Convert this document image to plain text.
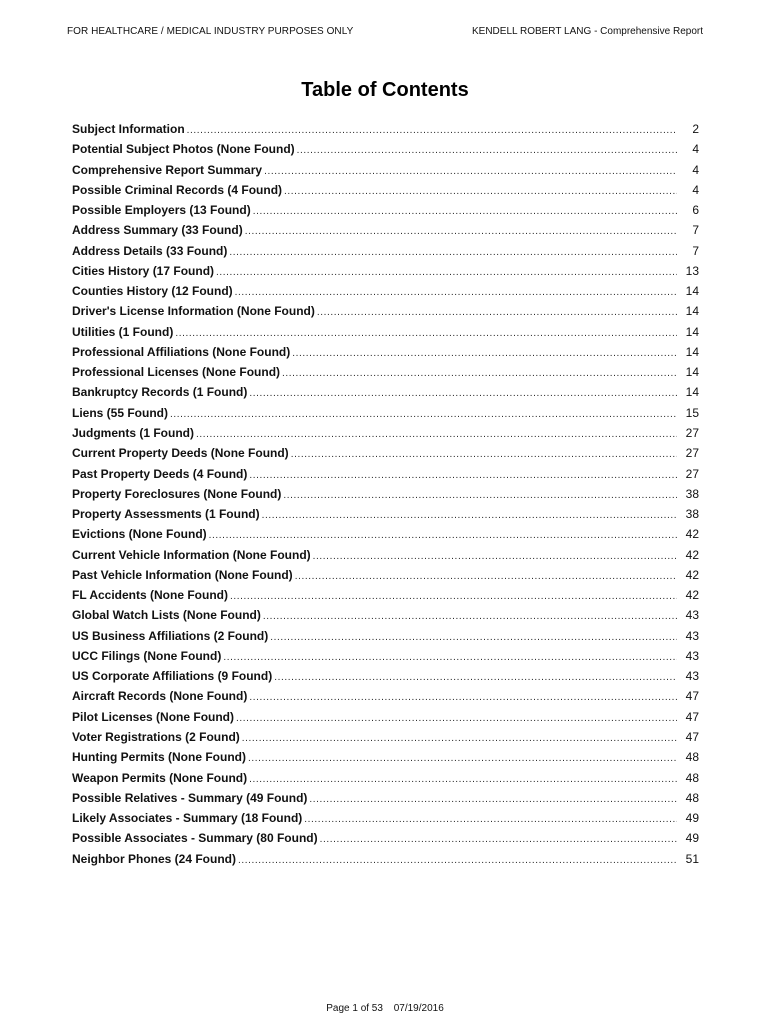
FOR HEALTHCARE / MEDICAL INDUSTRY PURPOSES ONLY	KENDELL ROBERT LANG - Comprehensive Report
Table of Contents
Subject Information .....	2
Potential Subject Photos (None Found) .....	4
Comprehensive Report Summary .....	4
Possible Criminal Records (4 Found) .....	4
Possible Employers (13 Found) .....	6
Address Summary (33 Found) .....	7
Address Details (33 Found) .....	7
Cities History (17 Found) .....	13
Counties History (12 Found) .....	14
Driver's License Information (None Found) .....	14
Utilities (1 Found) .....	14
Professional Affiliations (None Found) .....	14
Professional Licenses (None Found) .....	14
Bankruptcy Records (1 Found) .....	14
Liens (55 Found) .....	15
Judgments (1 Found) .....	27
Current Property Deeds (None Found) .....	27
Past Property Deeds (4 Found) .....	27
Property Foreclosures (None Found) .....	38
Property Assessments (1 Found) .....	38
Evictions (None Found) .....	42
Current Vehicle Information (None Found) .....	42
Past Vehicle Information (None Found) .....	42
FL Accidents (None Found) .....	42
Global Watch Lists (None Found) .....	43
US Business Affiliations (2 Found) .....	43
UCC Filings (None Found) .....	43
US Corporate Affiliations (9 Found) .....	43
Aircraft Records (None Found) .....	47
Pilot Licenses (None Found) .....	47
Voter Registrations (2 Found) .....	47
Hunting Permits (None Found) .....	48
Weapon Permits (None Found) .....	48
Possible Relatives - Summary (49 Found) .....	48
Likely Associates - Summary (18 Found) .....	49
Possible Associates - Summary (80 Found) .....	49
Neighbor Phones (24 Found) .....	51
Page 1 of 53 07/19/2016
